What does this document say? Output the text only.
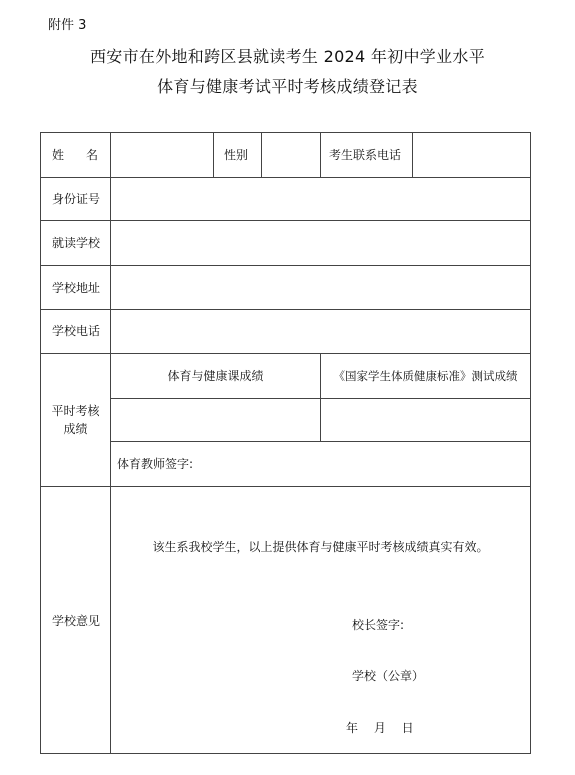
附件 3
西安市在外地和跨区县就读考生 2024 年初中学业水平
体育与健康考试平时考核成绩登记表
姓名	性别	考生联系电话
身份证号
就读学校
学校地址
学校电话
平时考核
成绩
体育与健康课成绩	《国家学生体质健康标准》测试成绩
体育教师签字:
学校意见
该生系我校学生，以上提供体育与健康平时考核成绩真实有效。
校长签字:
学校（公章）
年　 月　 日
